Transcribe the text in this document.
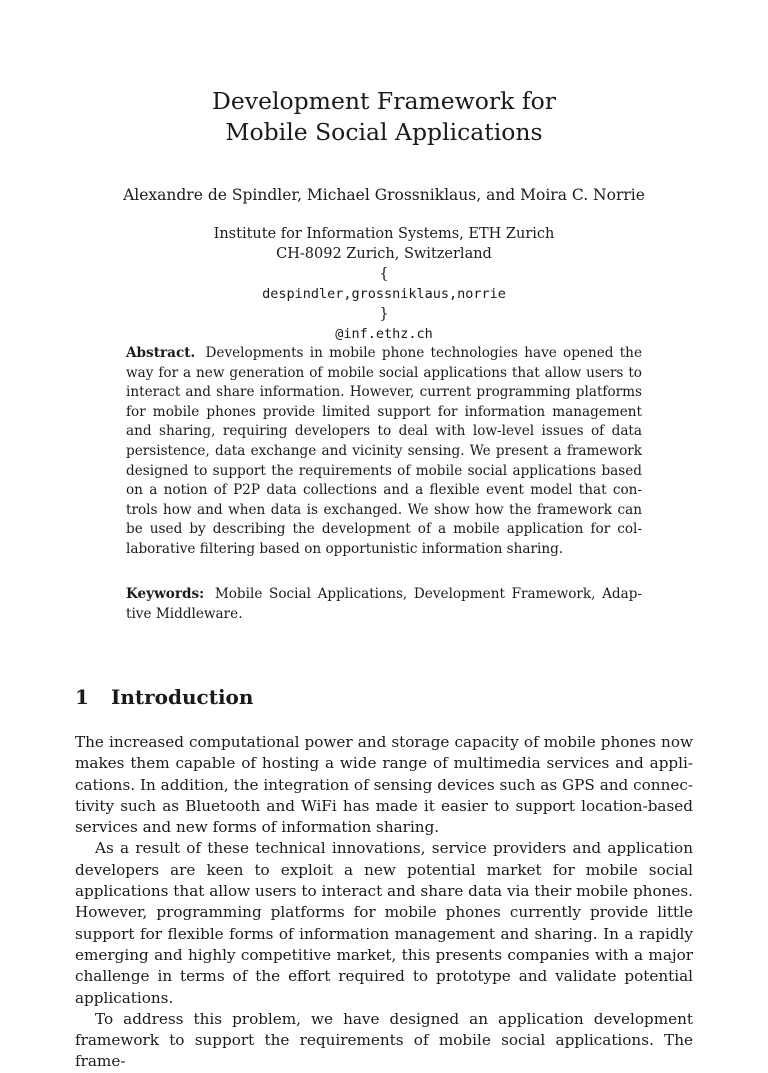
Development Framework for
Mobile Social Applications

Alexandre de Spindler, Michael Grossniklaus, and Moira C. Norrie

Institute for Information Systems, ETH Zurich
CH-8092 Zurich, Switzerland
{
despindler,grossniklaus,norrie
}
@inf.ethz.ch

Abstract. Developments in mobile phone technologies have opened the way for a new generation of mobile social applications that allow users to interact and share information. However, current programming platforms for mobile phones provide limited support for information management and sharing, requiring developers to deal with low-level issues of data persistence, data exchange and vicinity sensing. We present a framework designed to support the requirements of mobile social applications based on a notion of P2P data collections and a flexible event model that controls how and when data is exchanged. We show how the framework can be used by describing the development of a mobile application for collaborative filtering based on opportunistic information sharing.

Keywords: Mobile Social Applications, Development Framework, Adaptive Middleware.

1 Introduction

The increased computational power and storage capacity of mobile phones now makes them capable of hosting a wide range of multimedia services and applications. In addition, the integration of sensing devices such as GPS and connectivity such as Bluetooth and WiFi has made it easier to support location-based services and new forms of information sharing.

As a result of these technical innovations, service providers and application developers are keen to exploit a new potential market for mobile social applications that allow users to interact and share data via their mobile phones. However, programming platforms for mobile phones currently provide little support for flexible forms of information management and sharing. In a rapidly emerging and highly competitive market, this presents companies with a major challenge in terms of the effort required to prototype and validate potential applications.

To address this problem, we have designed an application development framework to support the requirements of mobile social applications. The frame-
